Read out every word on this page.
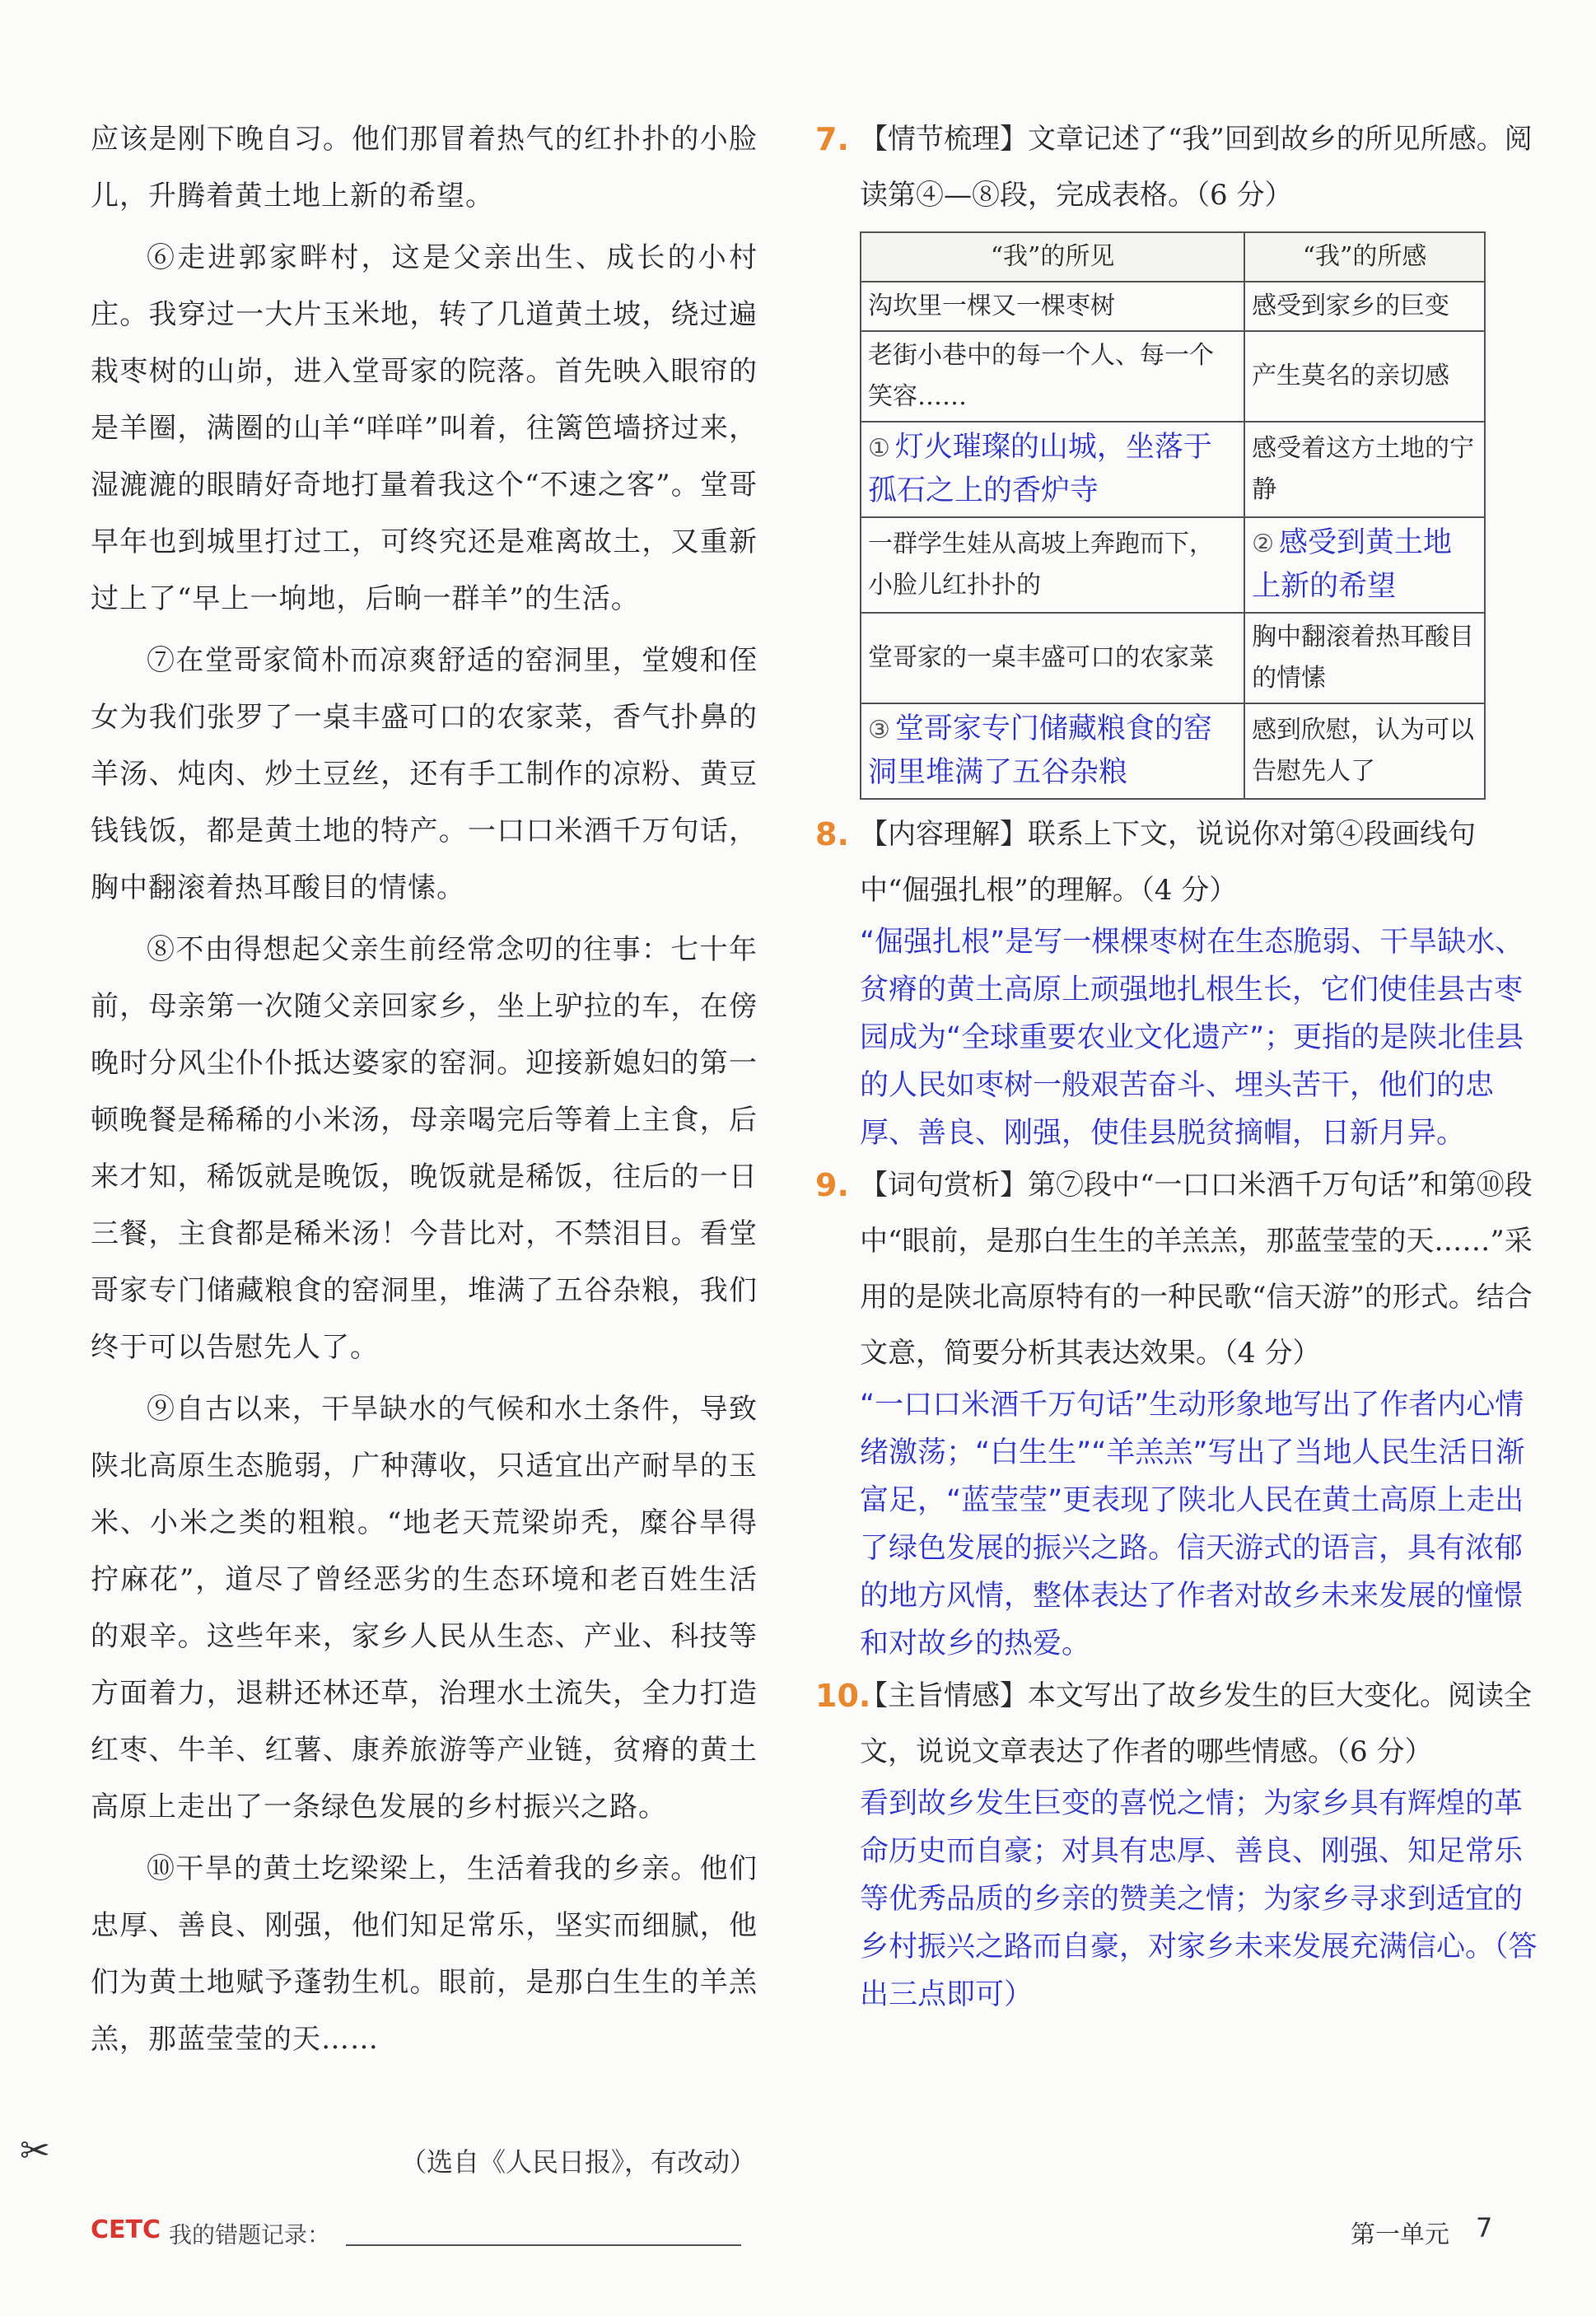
应该是刚下晚自习。他们那冒着热气的红扑扑的小脸儿，升腾着黄土地上新的希望。

⑥走进郭家畔村，这是父亲出生、成长的小村庄。我穿过一大片玉米地，转了几道黄土坡，绕过遍栽枣树的山峁，进入堂哥家的院落。首先映入眼帘的是羊圈，满圈的山羊“咩咩”叫着，往篱笆墙挤过来，湿漉漉的眼睛好奇地打量着我这个“不速之客”。堂哥早年也到城里打过工，可终究还是难离故土，又重新过上了“早上一垧地，后晌一群羊”的生活。

⑦在堂哥家简朴而凉爽舒适的窑洞里，堂嫂和侄女为我们张罗了一桌丰盛可口的农家菜，香气扑鼻的羊汤、炖肉、炒土豆丝，还有手工制作的凉粉、黄豆钱钱饭，都是黄土地的特产。一口口米酒千万句话，胸中翻滚着热耳酸目的情愫。

⑧不由得想起父亲生前经常念叨的往事：七十年前，母亲第一次随父亲回家乡，坐上驴拉的车，在傍晚时分风尘仆仆抵达婆家的窑洞。迎接新媳妇的第一顿晚餐是稀稀的小米汤，母亲喝完后等着上主食，后来才知，稀饭就是晚饭，晚饭就是稀饭，往后的一日三餐，主食都是稀米汤！今昔比对，不禁泪目。看堂哥家专门储藏粮食的窑洞里，堆满了五谷杂粮，我们终于可以告慰先人了。

⑨自古以来，干旱缺水的气候和水土条件，导致陕北高原生态脆弱，广种薄收，只适宜出产耐旱的玉米、小米之类的粗粮。“地老天荒梁峁秃，糜谷旱得拧麻花”，道尽了曾经恶劣的生态环境和老百姓生活的艰辛。这些年来，家乡人民从生态、产业、科技等方面着力，退耕还林还草，治理水土流失，全力打造红枣、牛羊、红薯、康养旅游等产业链，贫瘠的黄土高原上走出了一条绿色发展的乡村振兴之路。

⑩干旱的黄土圪梁梁上，生活着我的乡亲。他们忠厚、善良、刚强，他们知足常乐，坚实而细腻，他们为黄土地赋予蓬勃生机。眼前，是那白生生的羊羔羔，那蓝莹莹的天……

（选自《人民日报》，有改动）
✂
7. 【情节梳理】文章记述了“我”回到故乡的所见所感。阅读第④—⑧段，完成表格。（6 分）

“我”的所见	“我”的所感
沟坎里一棵又一棵枣树	感受到家乡的巨变
老街小巷中的每一个人、每一个笑容……	产生莫名的亲切感
① 灯火璀璨的山城，坐落于孤石之上的香炉寺	感受着这方土地的宁静
一群学生娃从高坡上奔跑而下，小脸儿红扑扑的	② 感受到黄土地上新的希望
堂哥家的一桌丰盛可口的农家菜	胸中翻滚着热耳酸目的情愫
③ 堂哥家专门储藏粮食的窑洞里堆满了五谷杂粮	感到欣慰，认为可以告慰先人了
8. 【内容理解】联系上下文，说说你对第④段画线句中“倔强扎根”的理解。（4 分）

“倔强扎根”是写一棵棵枣树在生态脆弱、干旱缺水、贫瘠的黄土高原上顽强地扎根生长，它们使佳县古枣园成为“全球重要农业文化遗产”；更指的是陕北佳县的人民如枣树一般艰苦奋斗、埋头苦干，他们的忠厚、善良、刚强，使佳县脱贫摘帽，日新月异。

9. 【词句赏析】第⑦段中“一口口米酒千万句话”和第⑩段中“眼前，是那白生生的羊羔羔，那蓝莹莹的天……”采用的是陕北高原特有的一种民歌“信天游”的形式。结合文意，简要分析其表达效果。（4 分）

“一口口米酒千万句话”生动形象地写出了作者内心情绪激荡；“白生生”“羊羔羔”写出了当地人民生活日渐富足，“蓝莹莹”更表现了陕北人民在黄土高原上走出了绿色发展的振兴之路。信天游式的语言，具有浓郁的地方风情，整体表达了作者对故乡未来发展的憧憬和对故乡的热爱。

10.

【主旨情感】本文写出了故乡发生的巨大变化。阅读全文，说说文章表达了作者的哪些情感。（6 分）

看到故乡发生巨变的喜悦之情；为家乡具有辉煌的革命历史而自豪；对具有忠厚、善良、刚强、知足常乐等优秀品质的乡亲的赞美之情；为家乡寻求到适宜的乡村振兴之路而自豪，对家乡未来发展充满信心。（答出三点即可）

CETC 我的错题记录：	第一单元 7
